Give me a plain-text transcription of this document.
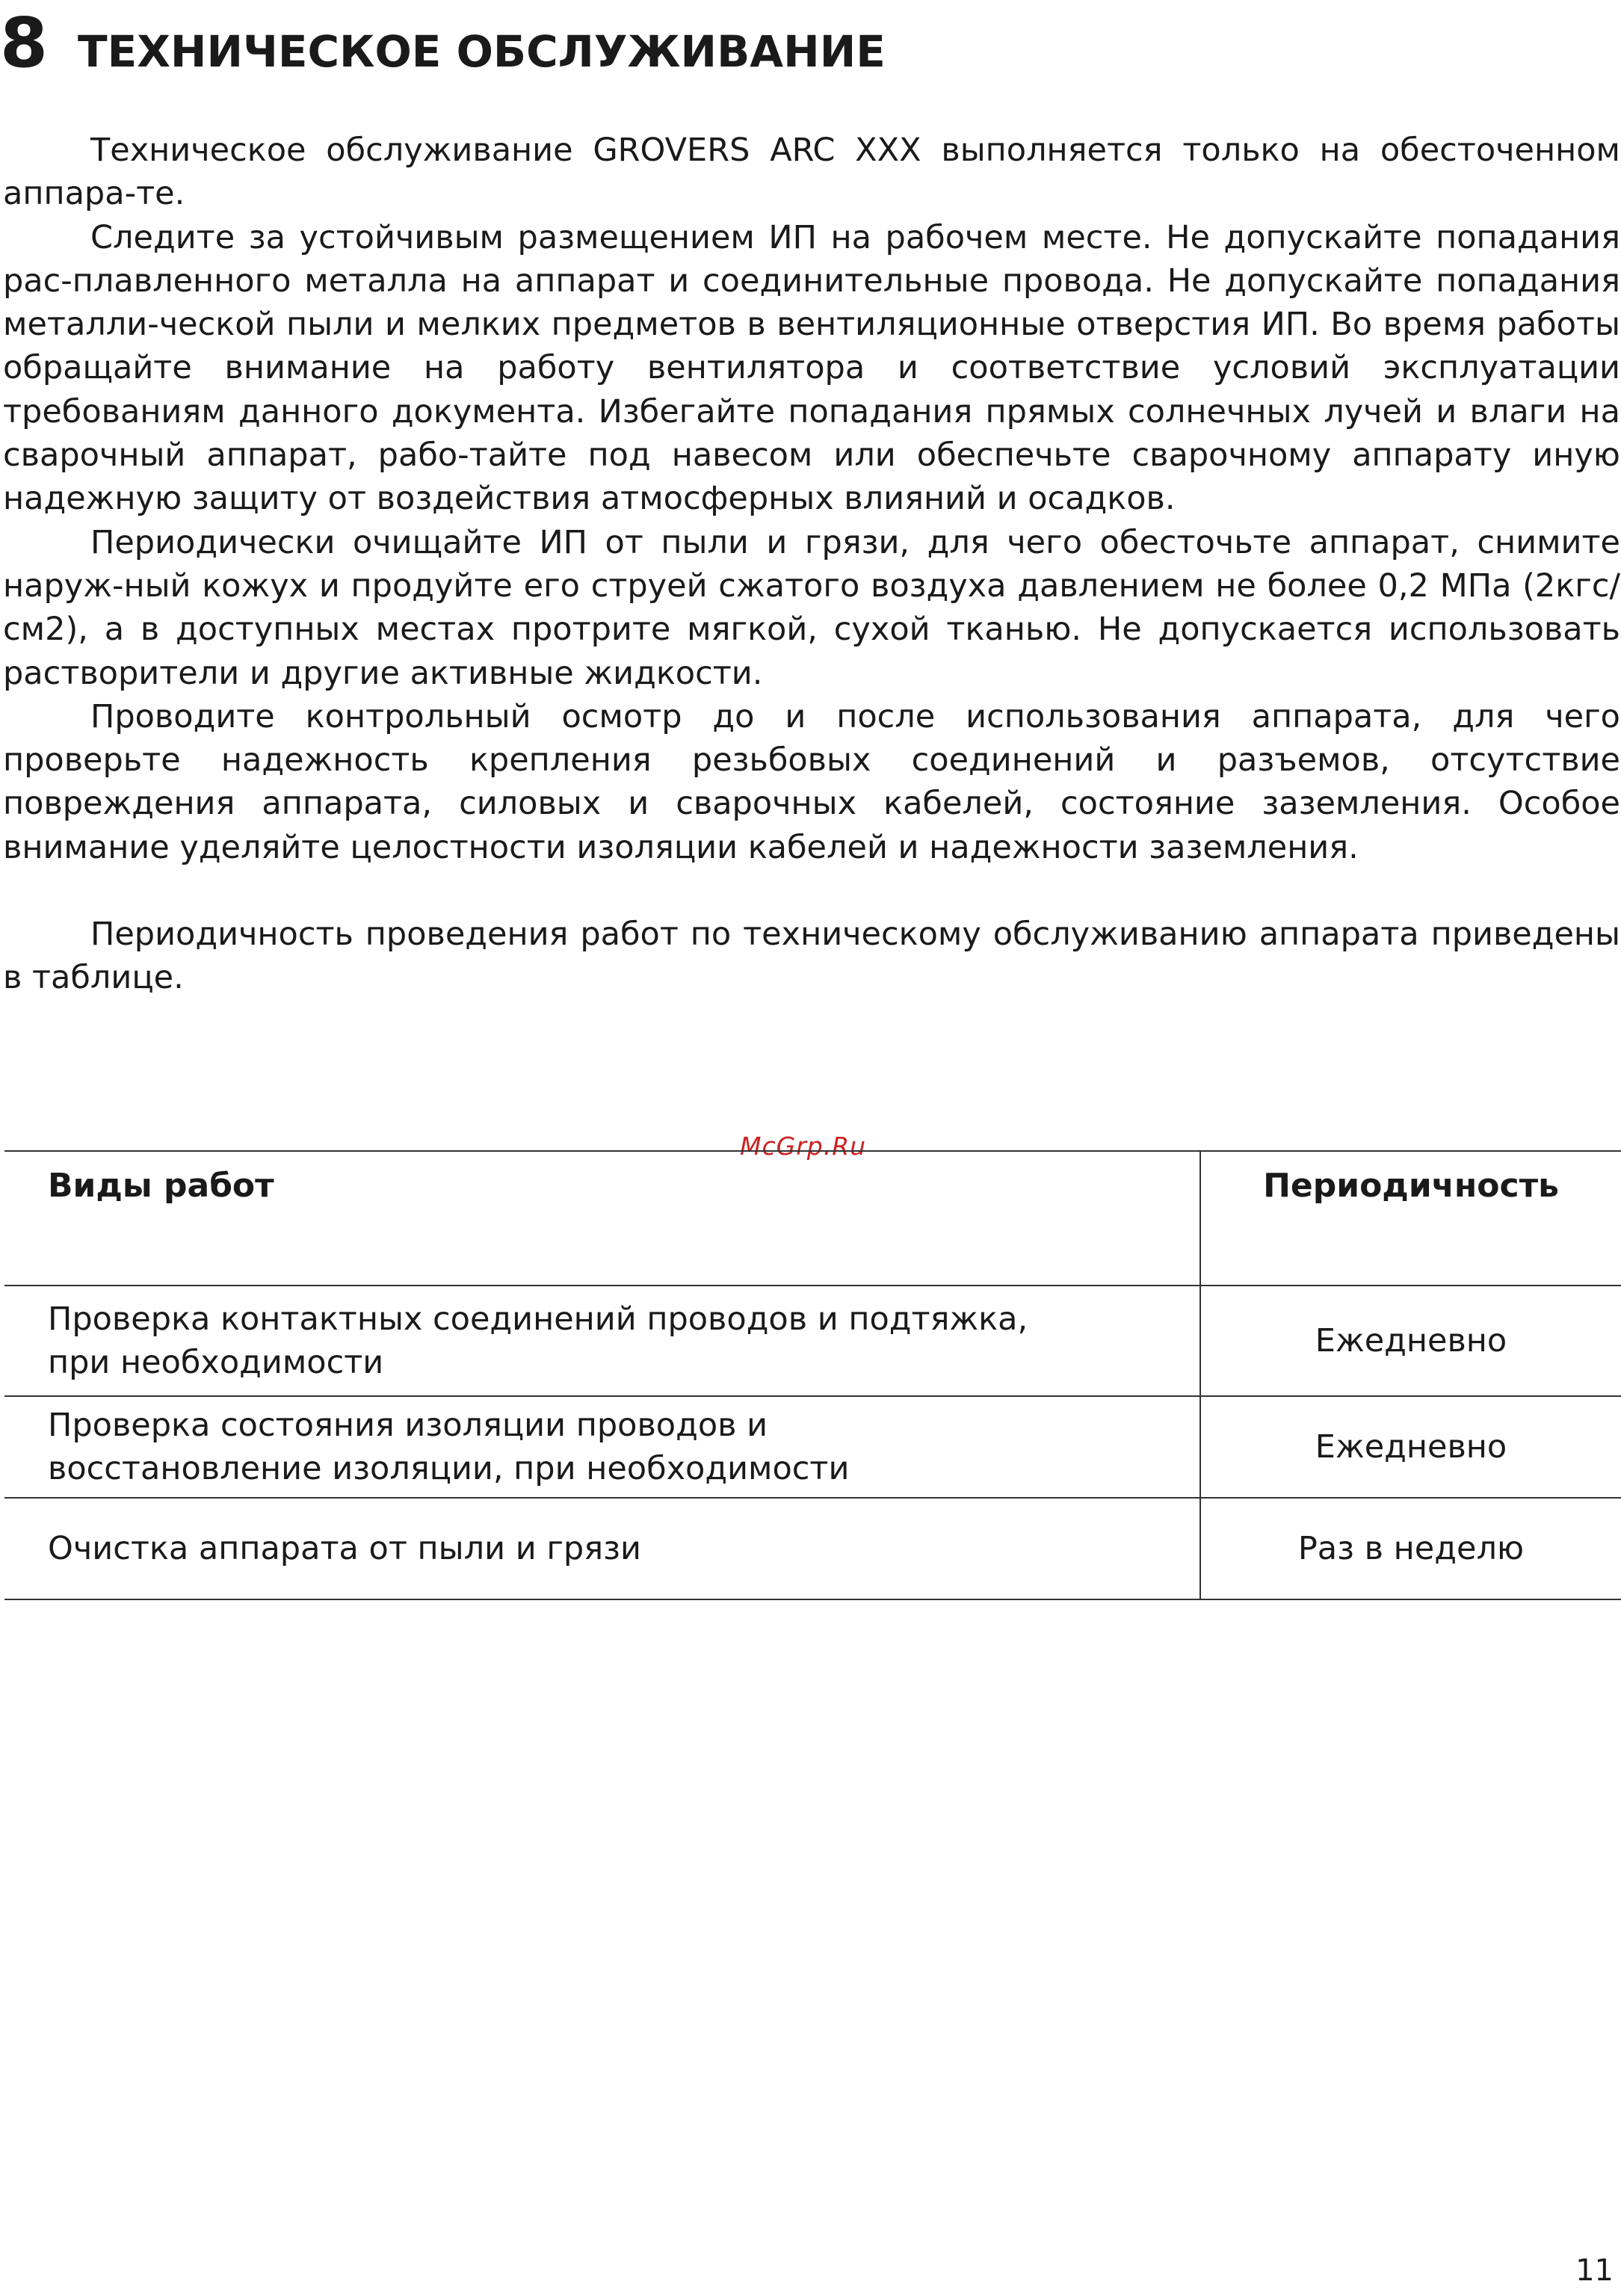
8 ТЕХНИЧЕСКОЕ ОБСЛУЖИВАНИЕ

Техническое обслуживание GROVERS ARC XXX выполняется только на обесточенном аппара-те.

Следите за устойчивым размещением ИП на рабочем месте. Не допускайте попадания рас-плавленного металла на аппарат и соединительные провода. Не допускайте попадания металли-ческой пыли и мелких предметов в вентиляционные отверстия ИП. Во время работы обращайте внимание на работу вентилятора и соответствие условий эксплуатации требованиям данного документа. Избегайте попадания прямых солнечных лучей и влаги на сварочный аппарат, рабо-тайте под навесом или обеспечьте сварочному аппарату иную надежную защиту от воздействия атмосферных влияний и осадков.

Периодически очищайте ИП от пыли и грязи, для чего обесточьте аппарат, снимите наруж-ный кожух и продуйте его струей сжатого воздуха давлением не более 0,2 МПа (2кгс/см2), а в доступных местах протрите мягкой, сухой тканью. Не допускается использовать растворители и другие активные жидкости.

Проводите контрольный осмотр до и после использования аппарата, для чего проверьте надежность крепления резьбовых соединений и разъемов, отсутствие повреждения аппарата, силовых и сварочных кабелей, состояние заземления. Особое внимание уделяйте целостности изоляции кабелей и надежности заземления.

Периодичность проведения работ по техническому обслуживанию аппарата приведены в таблице.

McGrp.Ru
Виды работ	Периодичность

Проверка контактных соединений проводов и подтяжка,
при необходимости	Ежедневно

Проверка состояния изоляции проводов и
восстановление изоляции, при необходимости	Ежедневно

Очистка аппарата от пыли и грязи	Раз в неделю
11
